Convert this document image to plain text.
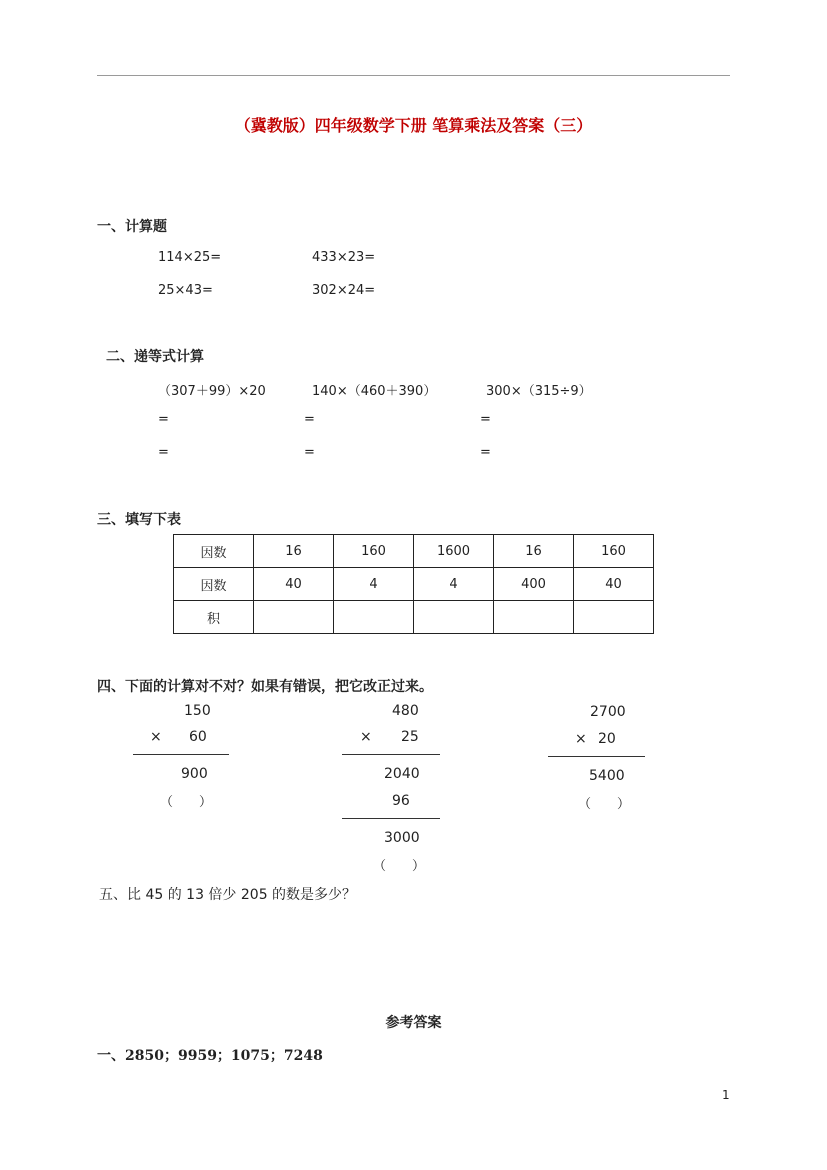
（冀教版）四年级数学下册 笔算乘法及答案（三）
一、计算题
114×25=	433×23=
25×43=	302×24=
二、递等式计算
（307＋99）×20	140×（460＋390）	300×（315÷9）
=	=	=
=	=	=
三、填写下表
因数	16	160	1600	16	160
因数	40	4	4	400	40
积					
四、下面的计算对不对？如果有错误，把它改正过来。
150
× 60
900
（　　）
480
× 25
2040
96
3000
（　　）
2700
× 20
5400
（　　）
五、比 45 的 13 倍少 205 的数是多少？
参考答案
一、2850；9959；1075；7248
1
